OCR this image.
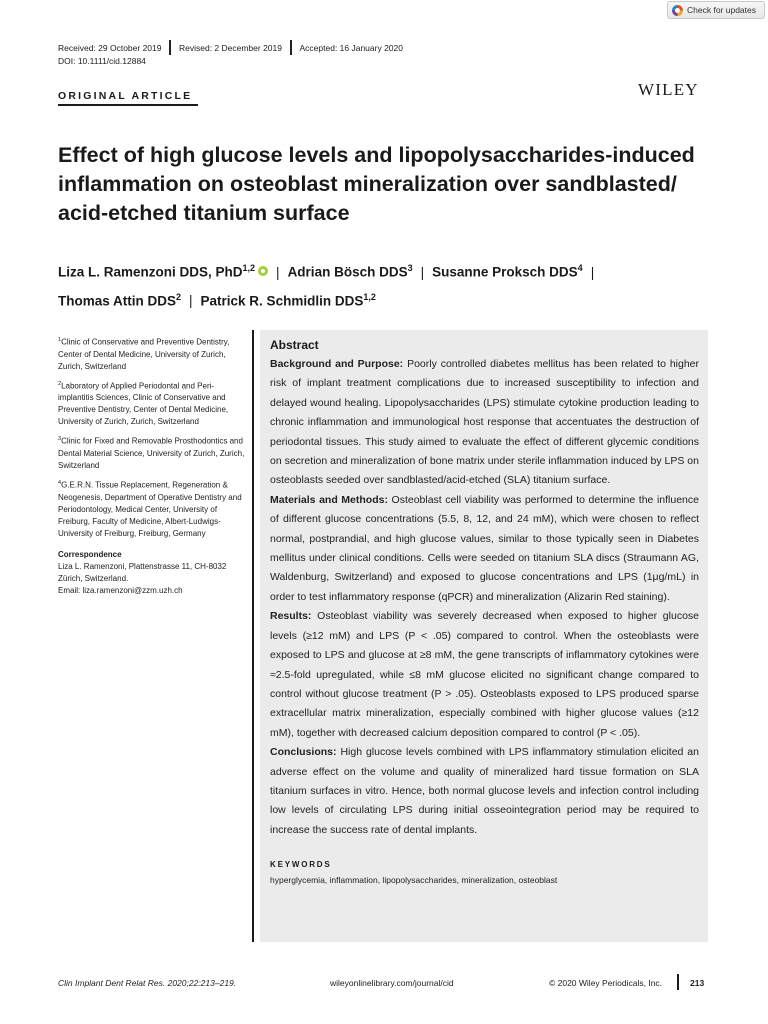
Check for updates
Received: 29 October 2019 Revised: 2 December 2019 Accepted: 16 January 2020
DOI: 10.1111/cid.12884
ORIGINAL ARTICLE	WILEY
Effect of high glucose levels and lipopolysaccharides-induced inflammation on osteoblast mineralization over sandblasted/ acid-etched titanium surface
Liza L. Ramenzoni DDS, PhD$^{1,2}$ | Adrian Bösch DDS$^3$ | Susanne Proksch DDS$^4$ |
Thomas Attin DDS$^2$ | Patrick R. Schmidlin DDS$^{1,2}$
$^1$Clinic of Conservative and Preventive Dentistry, Center of Dental Medicine, University of Zurich, Zurich, Switzerland
$^2$Laboratory of Applied Periodontal and Peri-implantitis Sciences, Clinic of Conservative and Preventive Dentistry, Center of Dental Medicine, University of Zurich, Zurich, Switzerland
$^3$Clinic for Fixed and Removable Prosthodontics and Dental Material Science, University of Zurich, Zurich, Switzerland
$^4$G.E.R.N. Tissue Replacement, Regeneration & Neogenesis, Department of Operative Dentistry and Periodontology, Medical Center, University of Freiburg, Faculty of Medicine, Albert-Ludwigs-University of Freiburg, Freiburg, Germany
Correspondence
Liza L. Ramenzoni, Plattenstrasse 11, CH-8032 Zürich, Switzerland.
Email: liza.ramenzoni@zzm.uzh.ch
Abstract

Background and Purpose: Poorly controlled diabetes mellitus has been related to higher risk of implant treatment complications due to increased susceptibility to infection and delayed wound healing. Lipopolysaccharides (LPS) stimulate cytokine production leading to chronic inflammation and immunological host response that accentuates the destruction of periodontal tissues. This study aimed to evaluate the effect of different glycemic conditions on secretion and mineralization of bone matrix under sterile inflammation induced by LPS on osteoblasts seeded over sandblasted/acid-etched (SLA) titanium surface.

Materials and Methods: Osteoblast cell viability was performed to determine the influence of different glucose concentrations (5.5, 8, 12, and 24 mM), which were chosen to reflect normal, postprandial, and high glucose values, similar to those typically seen in Diabetes mellitus under clinical conditions. Cells were seeded on titanium SLA discs (Straumann AG, Waldenburg, Switzerland) and exposed to glucose concentrations and LPS (1μg/mL) in order to test inflammatory response (qPCR) and mineralization (Alizarin Red staining).

Results: Osteoblast viability was severely decreased when exposed to higher glucose levels (≥12 mM) and LPS (P < .05) compared to control. When the osteoblasts were exposed to LPS and glucose at ≥8 mM, the gene transcripts of inflammatory cytokines were ≈2.5-fold upregulated, while ≤8 mM glucose elicited no significant change compared to control without glucose treatment (P > .05). Osteoblasts exposed to LPS produced sparse extracellular matrix mineralization, especially combined with higher glucose values (≥12 mM), together with decreased calcium deposition compared to control (P < .05).

Conclusions: High glucose levels combined with LPS inflammatory stimulation elicited an adverse effect on the volume and quality of mineralized hard tissue formation on SLA titanium surfaces in vitro. Hence, both normal glucose levels and infection control including low levels of circulating LPS during initial osseointegration period may be required to increase the success rate of dental implants.

KEYWORDS
hyperglycemia, inflammation, lipopolysaccharides, mineralization, osteoblast
Clin Implant Dent Relat Res. 2020;22:213–219.	wileyonlinelibrary.com/journal/cid	© 2020 Wiley Periodicals, Inc.	213
